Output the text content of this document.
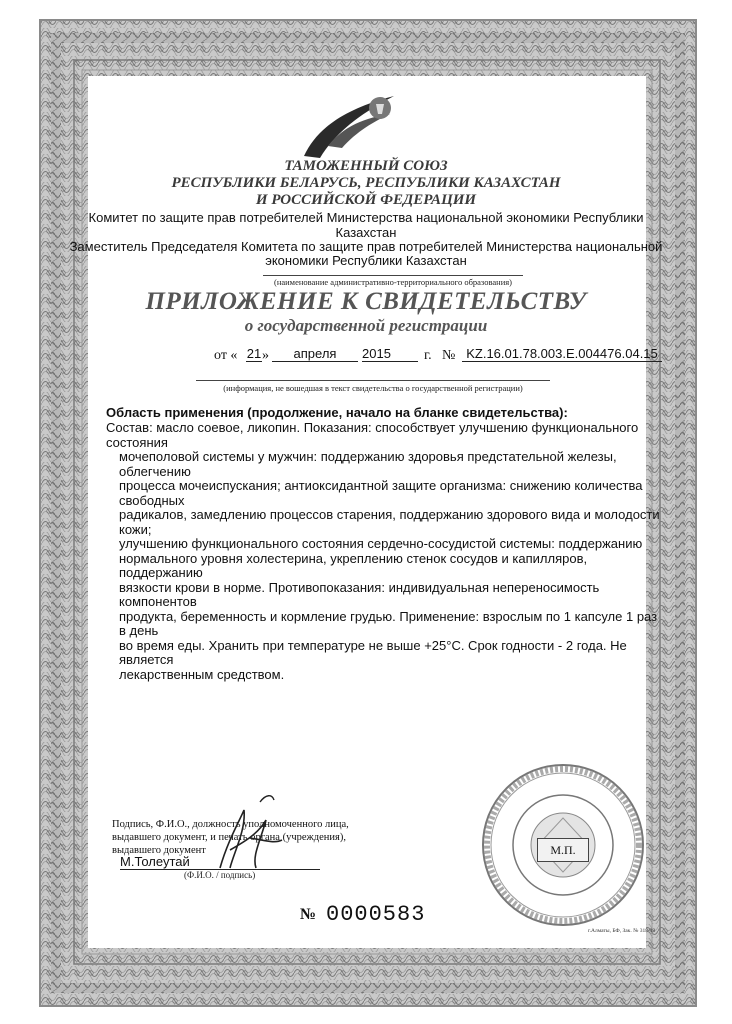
ТАМОЖЕННЫЙ СОЮЗ
РЕСПУБЛИКИ БЕЛАРУСЬ, РЕСПУБЛИКИ КАЗАХСТАН
И РОССИЙСКОЙ ФЕДЕРАЦИИ
Комитет по защите прав потребителей Министерства национальной экономики Республики
Казахстан
Заместитель Председателя Комитета по защите прав потребителей Министерства национальной
экономики Республики Казахстан
(наименование административно-территориального образования)
ПРИЛОЖЕНИЕ К СВИДЕТЕЛЬСТВУ
о государственной регистрации
от « 21 »	апреля	2015	г. № KZ.16.01.78.003.E.004476.04.15
(информация, не вошедшая в текст свидетельства о государственной регистрации)
Область применения (продолжение, начало на бланке свидетельства):
Состав: масло соевое, ликопин. Показания: способствует улучшению функционального состояния
мочеполовой системы у мужчин: поддержанию здоровья предстательной железы, облегчению
процесса мочеиспускания; антиоксидантной защите организма: снижению количества свободных
радикалов, замедлению процессов старения, поддержанию здорового вида и молодости кожи;
улучшению функционального состояния сердечно-сосудистой системы: поддержанию
нормального уровня холестерина, укреплению стенок сосудов и капилляров, поддержанию
вязкости крови в норме. Противопоказания: индивидуальная непереносимость компонентов
продукта, беременность и кормление грудью. Применение: взрослым по 1 капсуле 1 раз в день
во время еды. Хранить при температуре не выше +25°С. Срок годности - 2 года. Не является
лекарственным средством.
Подпись, Ф.И.О., должность уполномоченного лица,
выдавшего документ, и печать органа (учреждения),
выдавшего документ
М.Толеутай
(Ф.И.О. / подпись)
М.П.
№ 0000583
г.Алматы, БФ, Зак. № 318-13
